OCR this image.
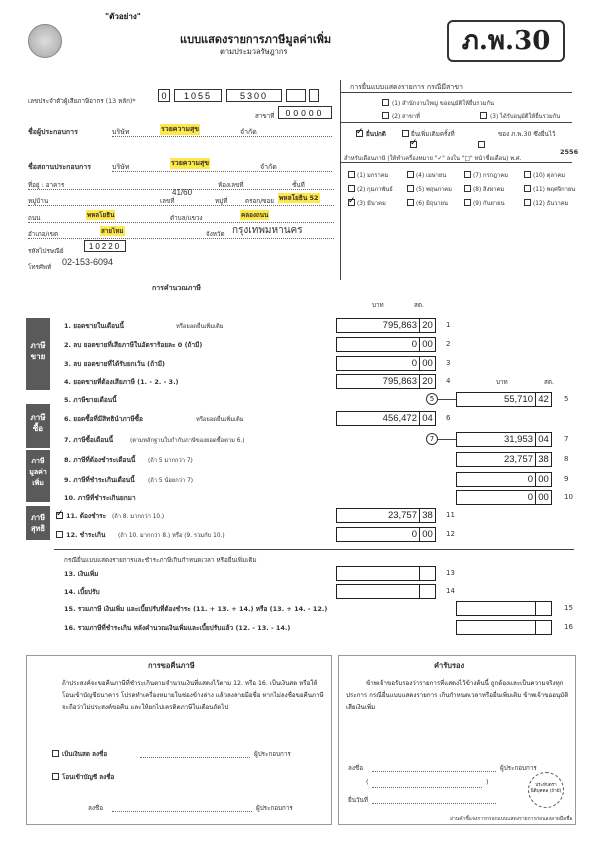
"ตัวอย่าง"
แบบแสดงรายการภาษีมูลค่าเพิ่ม
ตามประมวลรัษฎากร	ภ.พ.30
เลขประจำตัวผู้เสียภาษีอากร (13 หลัก)*
0	1055	5300
สาขาที่	00000
ชื่อผู้ประกอบการ	บริษัท	รวยความสุข	จำกัด
ชื่อสถานประกอบการ	บริษัท	รวยความสุข	จำกัด
ที่อยู่ : อาคาร	ห้องเลขที่	ชั้นที่
หมู่บ้าน	เลขที่
41/60
หมู่ที่	ตรอก/ซอย พหลโยธิน 52
ถนน	พหลโยธิน	ตำบล/แขวง	คลองถนน
อำเภอ/เขต	สายไหม	จังหวัด กรุงเทพมหานคร
รหัสไปรษณีย์
10220
โทรศัพท์
02-153-6094
การยื่นแบบแสดงรายการ กรณีมีสาขา
(1) สำนักงานใหญ่ ขออนุมัติให้ยื่นรวมกัน
(2) สาขาที่	(3) ได้รับอนุมัติให้ยื่นรวมกัน
✓
ยื่นปกติ	ยื่นเพิ่มเติมครั้งที่	ของ ภ.พ.30 ซึ่งยื่นไว้
✓
สำหรับเดือนภาษี (ให้ทำเครื่องหมาย "✓" ลงใน "□" หน้าชื่อเดือน) พ.ศ.
2556
(1) มกราคม	(4) เมษายน	(7) กรกฎาคม	(10) ตุลาคม
(2) กุมภาพันธ์	(5) พฤษภาคม	(8) สิงหาคม	(11) พฤศจิกายน
✓
(3) มีนาคม	(6) มิถุนายน	(9) กันยายน	(12) ธันวาคม
การคำนวณภาษี
บาท	สต.
บาท	สต.
ภาษีขาย
ภาษีซื้อ
ภาษีมูลค่าเพิ่ม
ภาษีสุทธิ
1. ยอดขายในเดือนนี้	หรือยอดยื่นเพิ่มเติม	795,863 20	1
2. ลบ ยอดขายที่เสียภาษีในอัตราร้อยละ 0 (ถ้ามี)	0 00	2
3. ลบ ยอดขายที่ได้รับยกเว้น (ถ้ามี)	0 00	3
4. ยอดขายที่ต้องเสียภาษี (1. - 2. - 3.)	795,863 20	4
5. ภาษีขายเดือนนี้	55,710 42	5
5
6. ยอดซื้อที่มีสิทธินำภาษีซื้อ	หรือยอดยื่นเพิ่มเติม	456,472 04	6
7. ภาษีซื้อเดือนนี้	(ตามหลักฐานใบกำกับภาษีของยอดซื้อตาม 6.)	31,953 04	7
7
8. ภาษีที่ต้องชำระเดือนนี้ (ถ้า 5 มากกว่า 7)	23,757 38	8
9. ภาษีที่ชำระเกินเดือนนี้ (ถ้า 5 น้อยกว่า 7)	0 00	9
10. ภาษีที่ชำระเกินยกมา	0 00	10
11. ต้องชำระ (ถ้า 8. มากกว่า 10.)	23,757 38	11
✓
12. ชำระเกิน (ถ้า 10. มากกว่า 8.) หรือ (9. รวมกับ 10.)	0 00	12
13. เงินเพิ่ม	13
14. เบี้ยปรับ	14
15. รวมภาษี เงินเพิ่ม และเบี้ยปรับที่ต้องชำระ (11. + 13. + 14.) หรือ (13. + 14. - 12.)	15
16. รวมภาษีที่ชำระเกิน หลังคำนวณเงินเพิ่มและเบี้ยปรับแล้ว (12. - 13. - 14.)	16
กรณียื่นแบบแสดงรายการและชำระภาษีเกินกำหนดเวลา หรือยื่นเพิ่มเติม
การขอคืนภาษี
ถ้าประสงค์จะขอคืนภาษีที่ชำระเกินตามจำนวนเงินที่แสดงไว้ตาม 12. หรือ 16. เป็นเงินสด หรือให้โอนเข้าบัญชีธนาคาร โปรดทำเครื่องหมายในช่องข้างล่าง แล้วลงลายมือชื่อ หากไม่ลงชื่อขอคืนภาษีจะถือว่าไม่ประสงค์ขอคืน และให้ยกไปเครดิตภาษีในเดือนถัดไป
เป็นเงินสด ลงชื่อ	ผู้ประกอบการ
โอนเข้าบัญชี ลงชื่อ
ลงชื่อ	ผู้ประกอบการ
คำรับรอง
ข้าพเจ้าขอรับรองว่ารายการที่แสดงไว้ข้างต้นนี้ ถูกต้องและเป็นความจริงทุกประการ กรณียื่นแบบแสดงรายการ เกินกำหนดเวลาหรือยื่นเพิ่มเติม ข้าพเจ้าขออนุมัติเสียเงินเพิ่ม
ลงชื่อ	ผู้ประกอบการ
(	)
ยื่นวันที่
ประทับตรา นิติบุคคล (ถ้ามี)
อ่านคำชี้แจงการกรอกแบบแสดงรายการก่อนลงลายมือชื่อ
